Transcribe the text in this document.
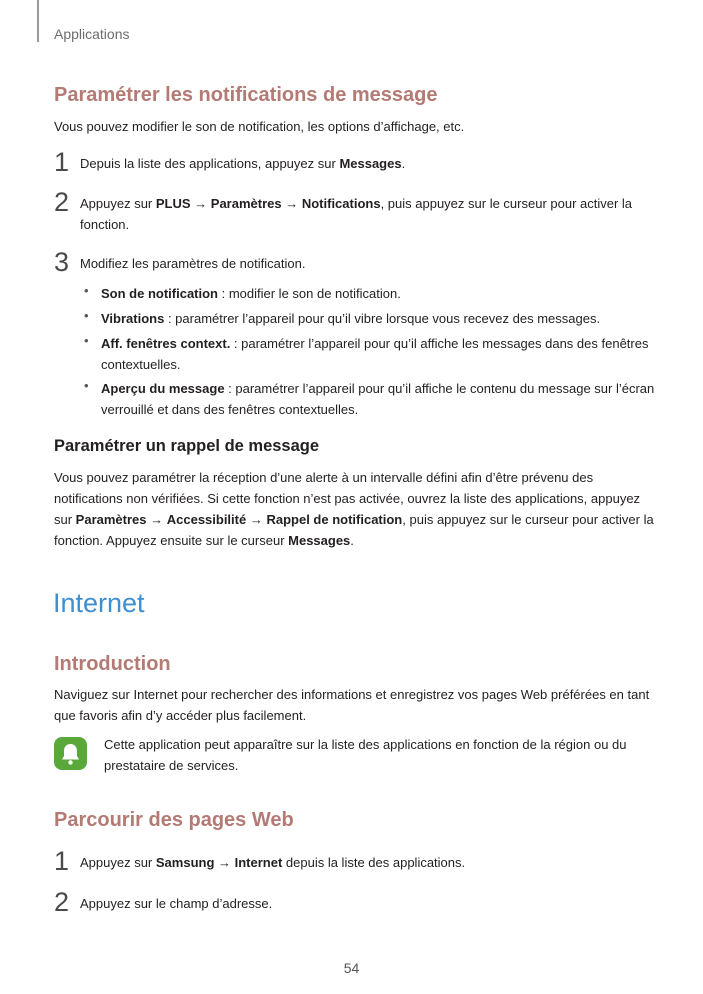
Applications
Paramétrer les notifications de message
Vous pouvez modifier le son de notification, les options d’affichage, etc.
1 Depuis la liste des applications, appuyez sur Messages.
2 Appuyez sur PLUS → Paramètres → Notifications, puis appuyez sur le curseur pour activer la fonction.
3 Modifiez les paramètres de notification.
• Son de notification : modifier le son de notification.
• Vibrations : paramétrer l’appareil pour qu’il vibre lorsque vous recevez des messages.
• Aff. fenêtres context. : paramétrer l’appareil pour qu’il affiche les messages dans des fenêtres contextuelles.
• Aperçu du message : paramétrer l’appareil pour qu’il affiche le contenu du message sur l’écran verrouillé et dans des fenêtres contextuelles.
Paramétrer un rappel de message
Vous pouvez paramétrer la réception d’une alerte à un intervalle défini afin d’être prévenu des notifications non vérifiées. Si cette fonction n’est pas activée, ouvrez la liste des applications, appuyez sur Paramètres → Accessibilité → Rappel de notification, puis appuyez sur le curseur pour activer la fonction. Appuyez ensuite sur le curseur Messages.
Internet
Introduction
Naviguez sur Internet pour rechercher des informations et enregistrez vos pages Web préférées en tant que favoris afin d’y accéder plus facilement.
Cette application peut apparaître sur la liste des applications en fonction de la région ou du prestataire de services.
Parcourir des pages Web
1 Appuyez sur Samsung → Internet depuis la liste des applications.
2 Appuyez sur le champ d’adresse.
54
